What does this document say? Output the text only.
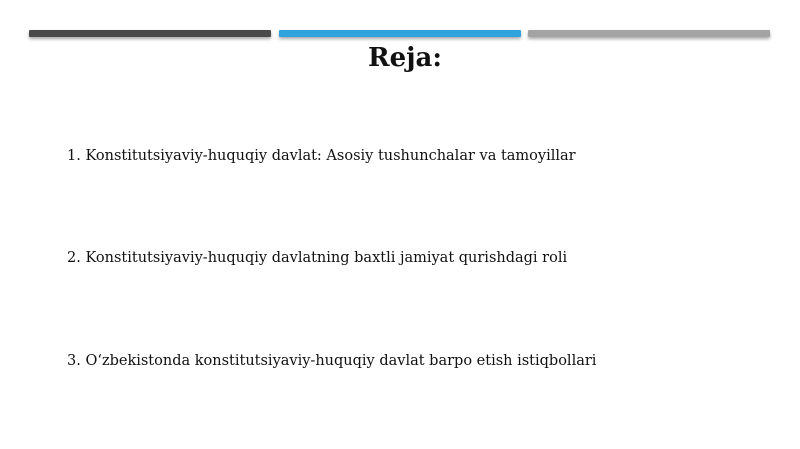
Reja:
1. Konstitutsiyaviy-huquqiy davlat: Asosiy tushunchalar va tamoyillar
2. Konstitutsiyaviy-huquqiy davlatning baxtli jamiyat qurishdagi roli
3. O‘zbekistonda konstitutsiyaviy-huquqiy davlat barpo etish istiqbollari
